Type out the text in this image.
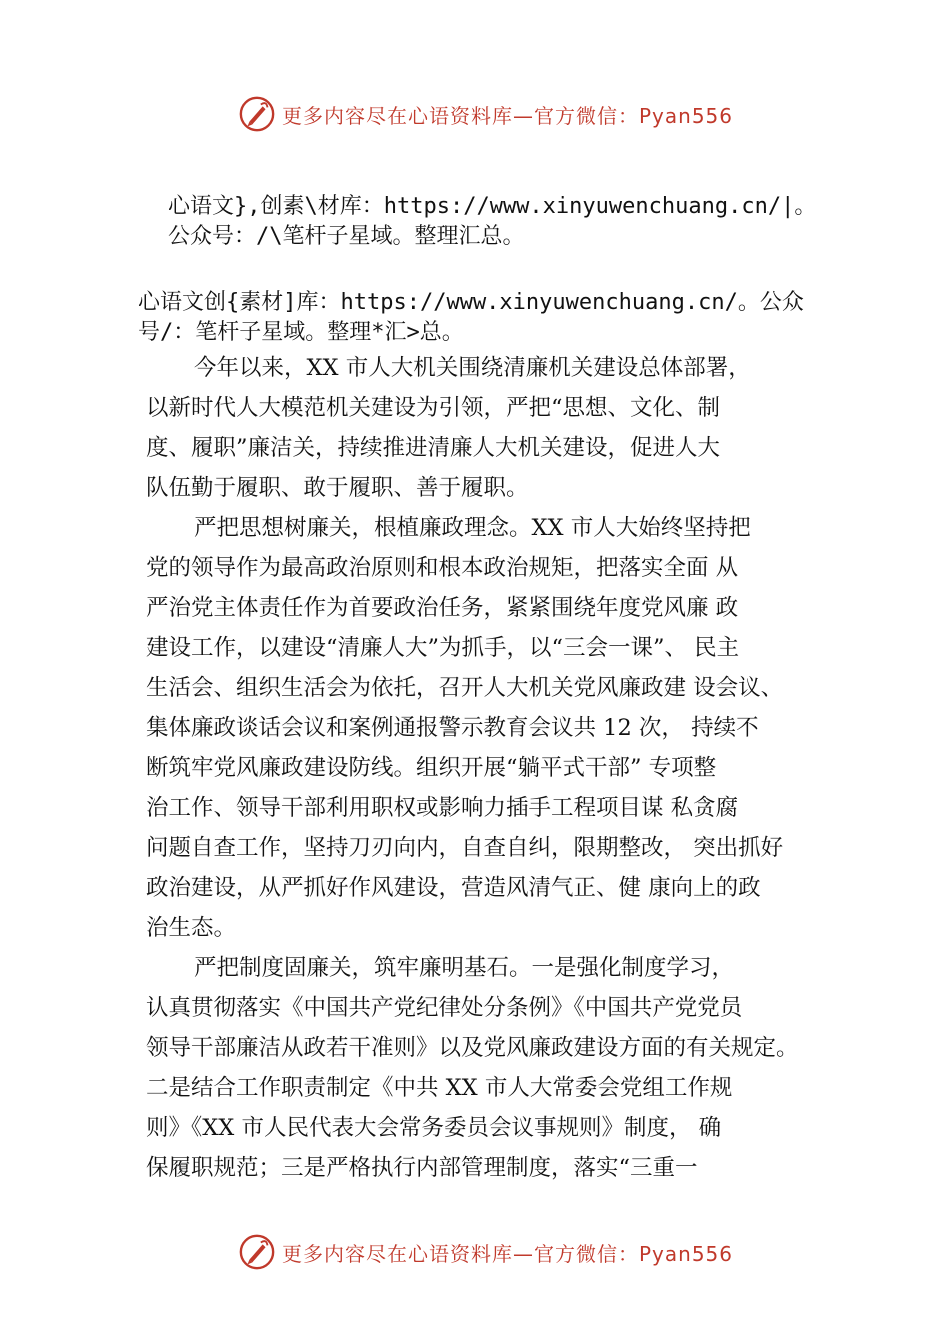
更多内容尽在心语资料库—官方微信：Pyan556
心语文},创素\材库：https://www.xinyuwenchuang.cn/|。
公众号：/\笔杆子星域。整理汇总。
心语文创{素材]库：https://www.xinyuwenchuang.cn/。公众
号/：笔杆子星域。整理*汇>总。

今年以来，XX 市人大机关围绕清廉机关建设总体部署，

以新时代人大模范机关建设为引领，严把“思想、文化、制

度、履职”廉洁关，持续推进清廉人大机关建设，促进人大

队伍勤于履职、敢于履职、善于履职。

严把思想树廉关，根植廉政理念。XX 市人大始终坚持把

党的领导作为最高政治原则和根本政治规矩，把落实全面 从

严治党主体责任作为首要政治任务，紧紧围绕年度党风廉 政

建设工作，以建设“清廉人大”为抓手，以“三会一课”、 民主

生活会、组织生活会为依托，召开人大机关党风廉政建 设会议、

集体廉政谈话会议和案例通报警示教育会议共 12 次， 持续不

断筑牢党风廉政建设防线。组织开展“躺平式干部” 专项整

治工作、领导干部利用职权或影响力插手工程项目谋 私贪腐

问题自查工作，坚持刀刃向内，自查自纠，限期整改， 突出抓好

政治建设，从严抓好作风建设，营造风清气正、健 康向上的政

治生态。

严把制度固廉关，筑牢廉明基石。一是强化制度学习，

认真贯彻落实《中国共产党纪律处分条例》《中国共产党党员

领导干部廉洁从政若干准则》以及党风廉政建设方面的有关规定。

二是结合工作职责制定《中共 XX 市人大常委会党组工作规

则》《XX 市人民代表大会常务委员会议事规则》制度， 确

保履职规范；三是严格执行内部管理制度，落实“三重一

更多内容尽在心语资料库—官方微信：Pyan556
